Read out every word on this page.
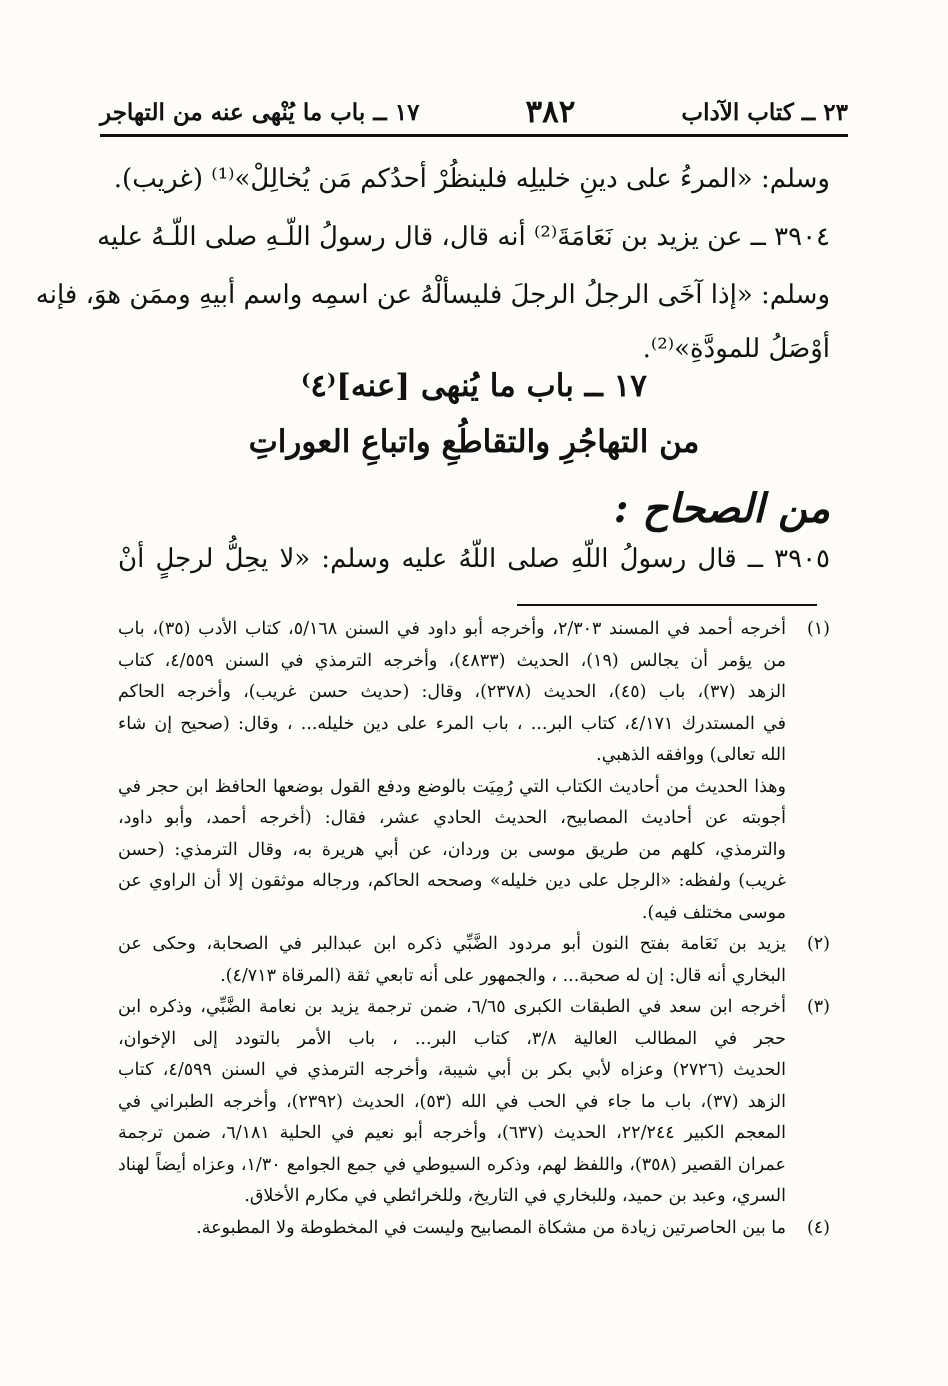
١٧ ــ باب ما يُنْهى عنه من التهاجر	٣٨٢	٢٣ ــ كتاب الآداب
وسلم: «المرءُ على دينِ خليلِه فلينظُرْ أحدُكم مَن يُخالِلْ»⁽¹⁾ (غريب).
٣٩٠٤ ــ عن يزيد بن نَعَامَةَ⁽²⁾ أنه قال، قال رسولُ اللّـهِ صلى اللّـهُ عليه
وسلم: «إذا آخَى الرجلُ الرجلَ فليسألْهُ عن اسمِه واسم أبيهِ وممَن هوَ، فإنه
أوْصَلُ للمودَّةِ»⁽²⁾.
١٧ ــ باب ما يُنهى [عنه]⁽٤⁾
من التهاجُرِ والتقاطُعِ واتباعِ العوراتِ
من الصحاح :
٣٩٠٥ ــ قال رسولُ اللّهِ صلى اللّهُ عليه وسلم: «لا يحِلُّ لرجلٍ أنْ
(١)
أخرجه أحمد في المسند ٢/٣٠٣، وأخرجه أبو داود في السنن ٥/١٦٨، كتاب الأدب (٣٥)، باب
من يؤمر أن يجالس (١٩)، الحديث (٤٨٣٣)، وأخرجه الترمذي في السنن ٤/٥٥٩، كتاب
الزهد (٣٧)، باب (٤٥)، الحديث (٢٣٧٨)، وقال: (حديث حسن غريب)، وأخرجه الحاكم
في المستدرك ٤/١٧١، كتاب البر... ، باب المرء على دين خليله... ، وقال: (صحيح إن شاء
الله تعالى) ووافقه الذهبي.
وهذا الحديث من أحاديث الكتاب التي رُمِيَت بالوضع ودفع القول بوضعها الحافظ ابن حجر في
أجوبته عن أحاديث المصابيح، الحديث الحادي عشر، فقال: (أخرجه أحمد، وأبو داود،
والترمذي، كلهم من طريق موسى بن وردان، عن أبي هريرة به، وقال الترمذي: (حسن
غريب) ولفظه: «الرجل على دين خليله» وصححه الحاكم، ورجاله موثقون إلا أن الراوي عن
موسى مختلف فيه).
(٢)
يزيد بن نَعَامة بفتح النون أبو مردود الضَّبِّي ذكره ابن عبدالبر في الصحابة، وحكى عن
البخاري أنه قال: إن له صحبة... ، والجمهور على أنه تابعي ثقة (المرقاة ٤/٧١٣).
(٣)
أخرجه ابن سعد في الطبقات الكبرى ٦/٦٥، ضمن ترجمة يزيد بن نعامة الضَّبِّي، وذكره ابن
حجر في المطالب العالية ٣/٨، كتاب البر... ، باب الأمر بالتودد إلى الإخوان،
الحديث (٢٧٢٦) وعزاه لأبي بكر بن أبي شيبة، وأخرجه الترمذي في السنن ٤/٥٩٩، كتاب
الزهد (٣٧)، باب ما جاء في الحب في الله (٥٣)، الحديث (٢٣٩٢)، وأخرجه الطبراني في
المعجم الكبير ٢٢/٢٤٤، الحديث (٦٣٧)، وأخرجه أبو نعيم في الحلية ٦/١٨١، ضمن ترجمة
عمران القصير (٣٥٨)، واللفظ لهم، وذكره السيوطي في جمع الجوامع ١/٣٠، وعزاه أيضاً لهناد
السري، وعبد بن حميد، وللبخاري في التاريخ، وللخرائطي في مكارم الأخلاق.
(٤)
ما بين الحاصرتين زيادة من مشكاة المصابيح وليست في المخطوطة ولا المطبوعة.
